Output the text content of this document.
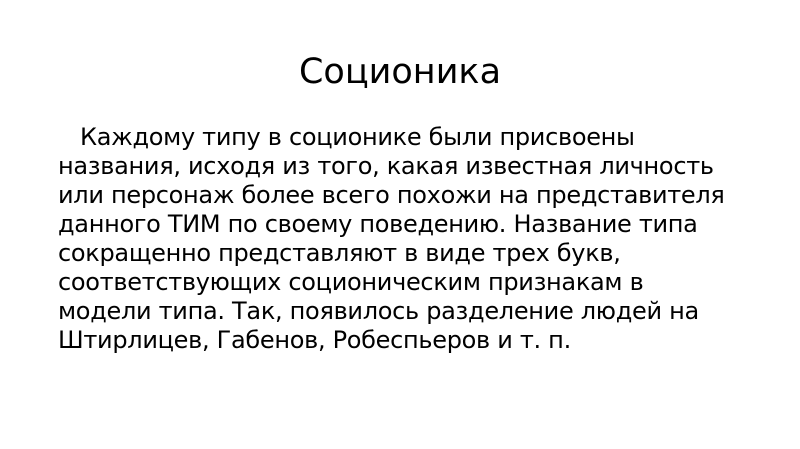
Соционика
Каждому типу в соционике были присвоены
названия, исходя из того, какая известная личность
или персонаж более всего похожи на представителя
данного ТИМ по своему поведению. Название типа
сокращенно представляют в виде трех букв,
соответствующих соционическим признакам в
модели типа. Так, появилось разделение людей на
Штирлицев, Габенов, Робеспьеров и т. п.
